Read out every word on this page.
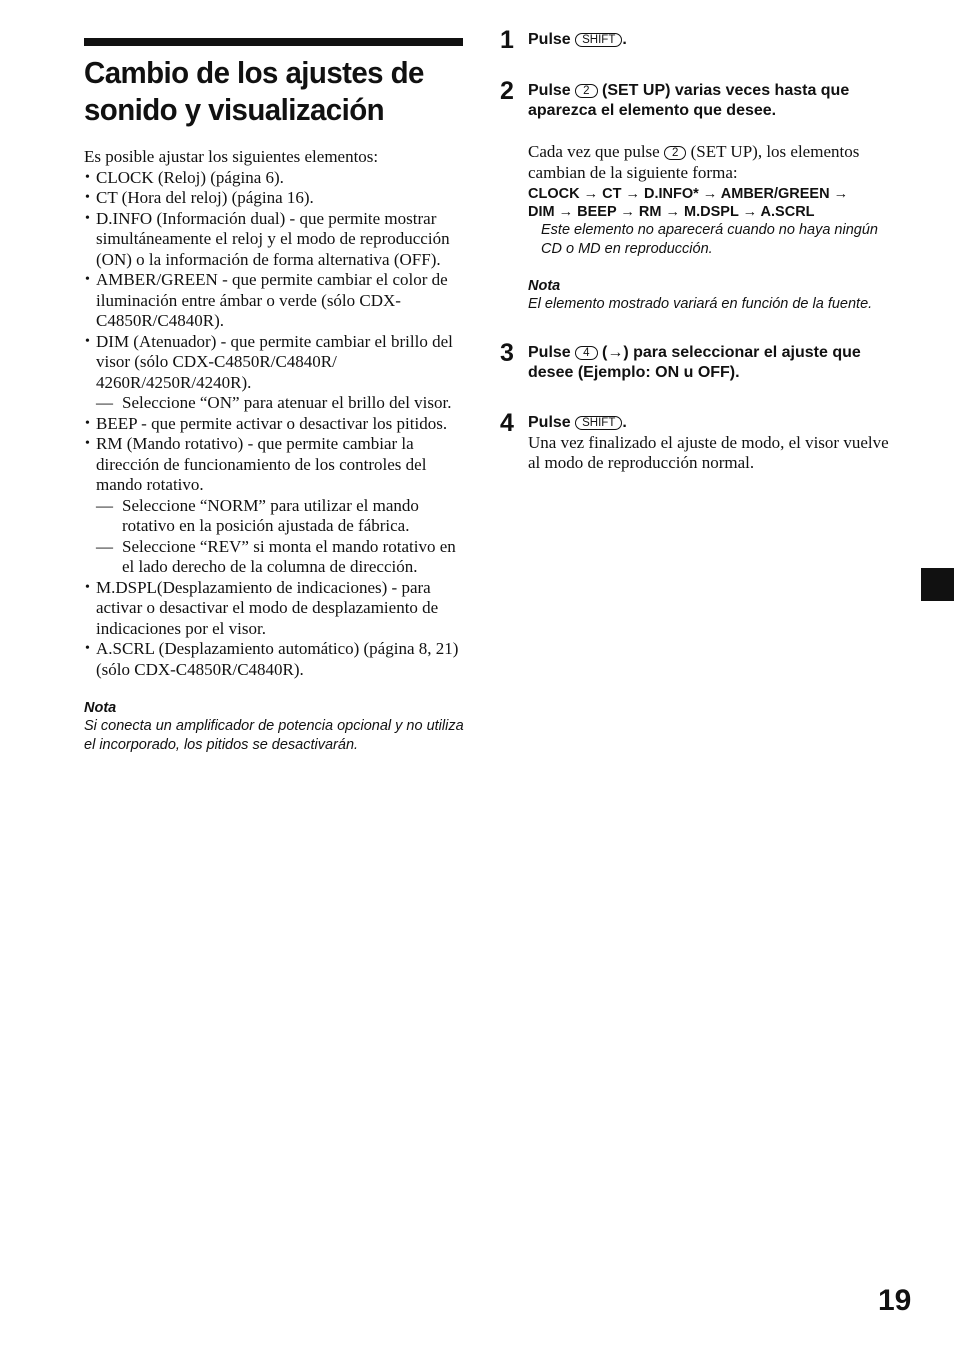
Cambio de los ajustes de sonido y visualización
Es posible ajustar los siguientes elementos:
• CLOCK (Reloj) (página 6).
• CT (Hora del reloj) (página 16).
• D.INFO (Información dual) - que permite mostrar simultáneamente el reloj y el modo de reproducción (ON) o la información de forma alternativa (OFF).
• AMBER/GREEN - que permite cambiar el color de iluminación entre ámbar o verde (sólo CDX-C4850R/C4840R).
• DIM (Atenuador) - que permite cambiar el brillo del visor (sólo CDX-C4850R/C4840R/ 4260R/4250R/4240R).
— Seleccione “ON” para atenuar el brillo del visor.
• BEEP - que permite activar o desactivar los pitidos.
• RM (Mando rotativo) - que permite cambiar la dirección de funcionamiento de los controles del mando rotativo.
— Seleccione “NORM” para utilizar el mando rotativo en la posición ajustada de fábrica.
— Seleccione “REV” si monta el mando rotativo en el lado derecho de la columna de dirección.
• M.DSPL(Desplazamiento de indicaciones) - para activar o desactivar el modo de desplazamiento de indicaciones por el visor.
• A.SCRL (Desplazamiento automático) (página 8, 21) (sólo CDX-C4850R/C4840R).
Nota
Si conecta un amplificador de potencia opcional y no utiliza el incorporado, los pitidos se desactivarán.
1 Pulse SHIFT .
2 Pulse 2 (SET UP) varias veces hasta que aparezca el elemento que desee.
Cada vez que pulse 2 (SET UP), los elementos cambian de la siguiente forma:
CLOCK → CT → D.INFO* → AMBER/GREEN →
DIM → BEEP → RM → M.DSPL → A.SCRL
Este elemento no aparecerá cuando no haya ningún CD o MD en reproducción.
Nota
El elemento mostrado variará en función de la fuente.
3 Pulse 4 (→) para seleccionar el ajuste que desee (Ejemplo: ON u OFF).
4 Pulse SHIFT .
Una vez finalizado el ajuste de modo, el visor vuelve al modo de reproducción normal.
19
